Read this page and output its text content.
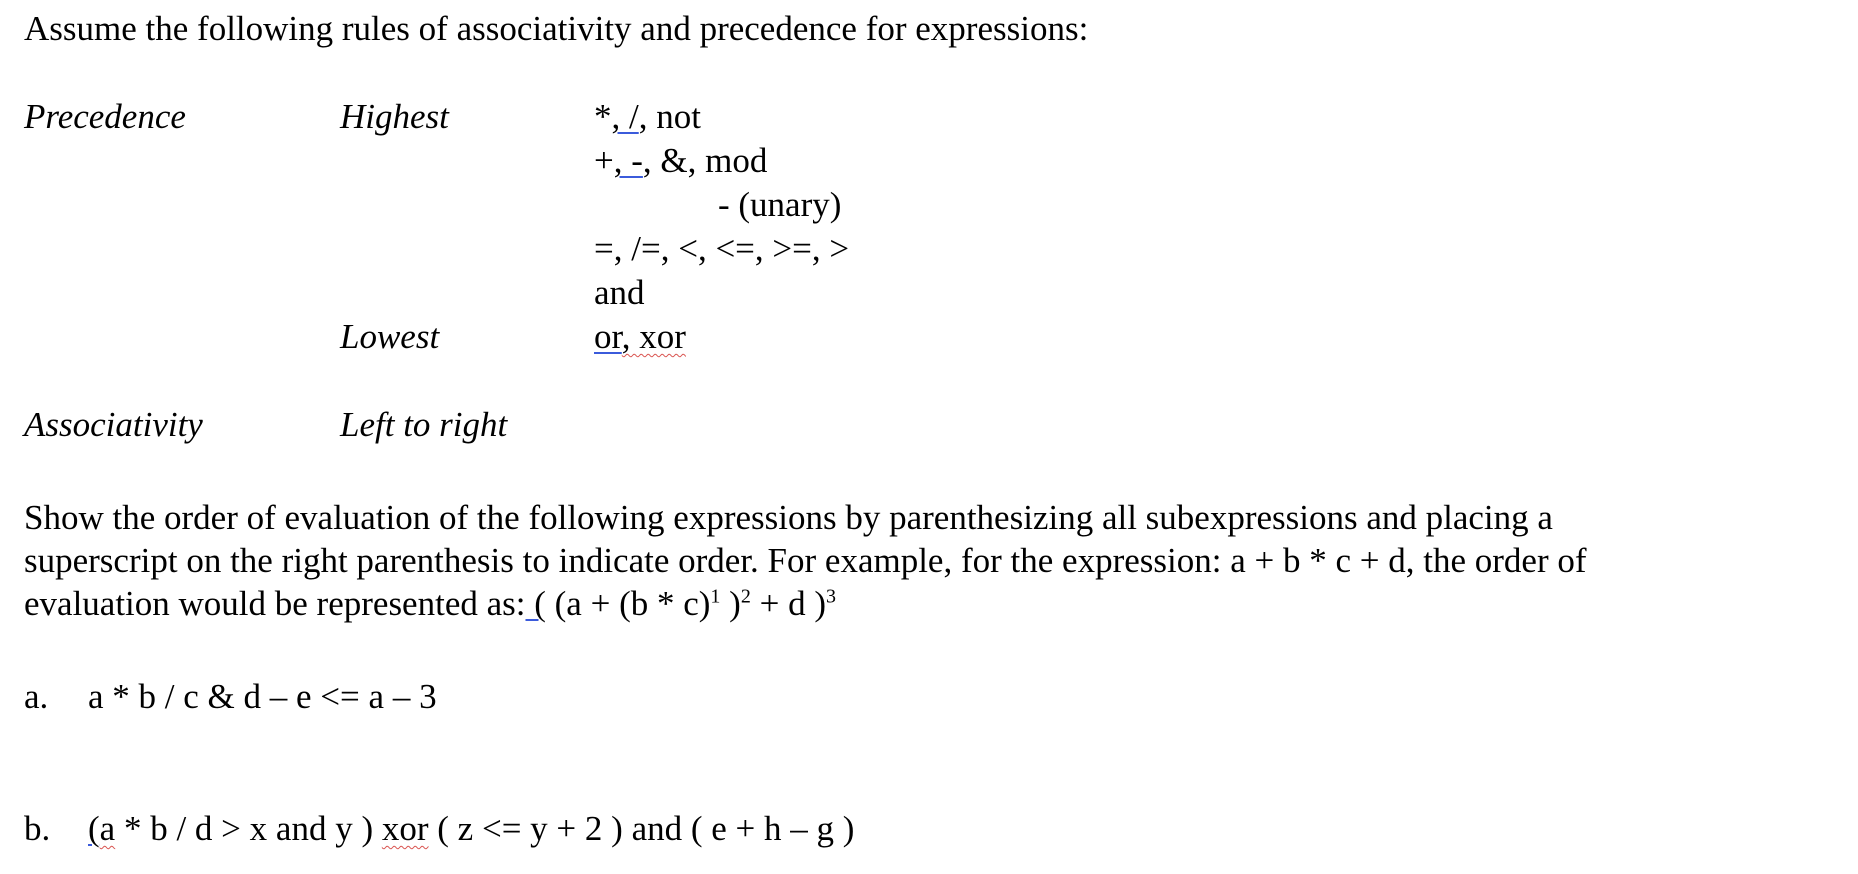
Assume the following rules of associativity and precedence for expressions:
Precedence	Highest
Lowest
*, /, not
+, -, &, mod
- (unary)
=, /=, <, <=, >=, >
and
or, xor
Associativity	Left to right
Show the order of evaluation of the following expressions by parenthesizing all subexpressions and placing a
superscript on the right parenthesis to indicate order. For example, for the expression: a + b * c + d, the order of
evaluation would be represented as: ( (a + (b * c)$^1$ )$^2$ + d )$^3$
a. a * b / c & d – e <= a – 3
b. (a * b / d > x and y ) xor ( z <= y + 2 ) and ( e + h – g )
